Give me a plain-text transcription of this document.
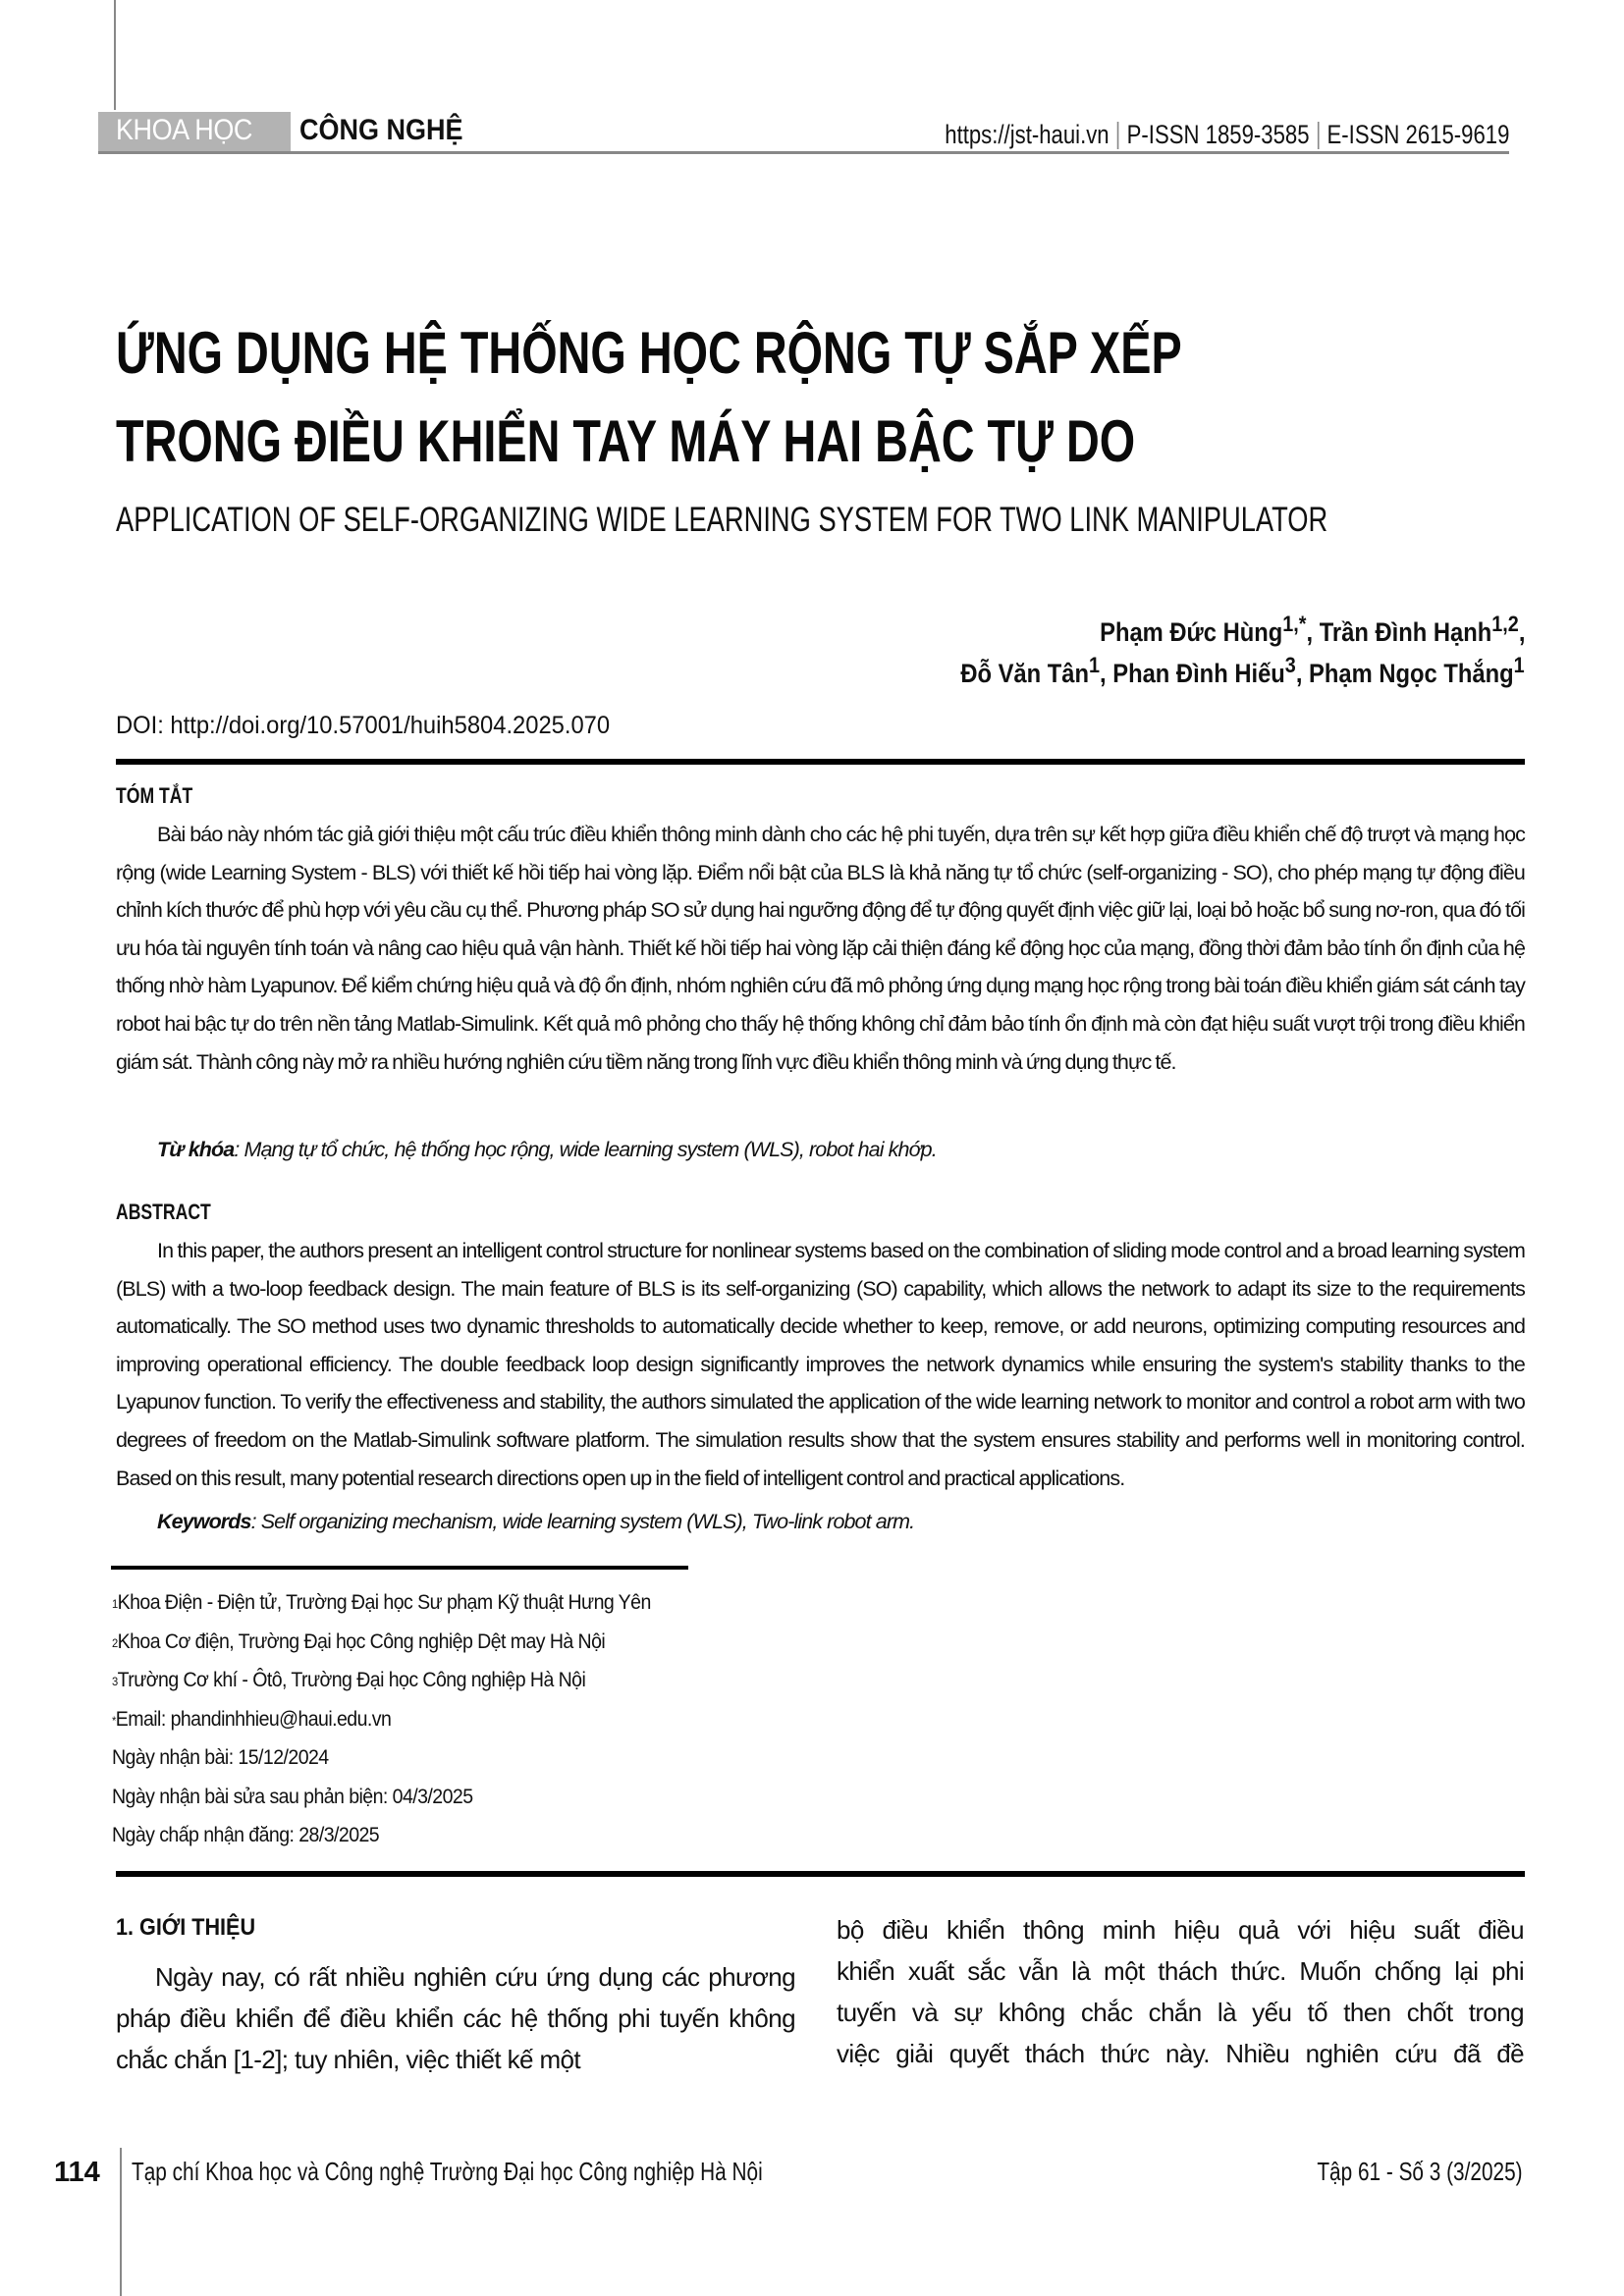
KHOA HỌC CÔNG NGHỆ	https://jst-haui.vn P-ISSN 1859-3585 E-ISSN 2615-9619
ỨNG DỤNG HỆ THỐNG HỌC RỘNG TỰ SẮP XẾP
TRONG ĐIỀU KHIỂN TAY MÁY HAI BẬC TỰ DO
APPLICATION OF SELF-ORGANIZING WIDE LEARNING SYSTEM FOR TWO LINK MANIPULATOR
Phạm Đức Hùng$^{1,*}$, Trần Đình Hạnh$^{1,2}$,
Đỗ Văn Tân$^1$, Phan Đình Hiếu$^3$, Phạm Ngọc Thắng$^1$
DOI: http://doi.org/10.57001/huih5804.2025.070
TÓM TẮT
Bài báo này nhóm tác giả giới thiệu một cấu trúc điều khiển thông minh dành cho các hệ phi tuyến, dựa trên sự kết hợp giữa điều khiển chế độ trượt và mạng học rộng (wide Learning System - BLS) với thiết kế hồi tiếp hai vòng lặp. Điểm nổi bật của BLS là khả năng tự tổ chức (self-organizing - SO), cho phép mạng tự động điều chỉnh kích thước để phù hợp với yêu cầu cụ thể. Phương pháp SO sử dụng hai ngưỡng động để tự động quyết định việc giữ lại, loại bỏ hoặc bổ sung nơ-ron, qua đó tối ưu hóa tài nguyên tính toán và nâng cao hiệu quả vận hành. Thiết kế hồi tiếp hai vòng lặp cải thiện đáng kể động học của mạng, đồng thời đảm bảo tính ổn định của hệ thống nhờ hàm Lyapunov. Để kiểm chứng hiệu quả và độ ổn định, nhóm nghiên cứu đã mô phỏng ứng dụng mạng học rộng trong bài toán điều khiển giám sát cánh tay robot hai bậc tự do trên nền tảng Matlab-Simulink. Kết quả mô phỏng cho thấy hệ thống không chỉ đảm bảo tính ổn định mà còn đạt hiệu suất vượt trội trong điều khiển giám sát. Thành công này mở ra nhiều hướng nghiên cứu tiềm năng trong lĩnh vực điều khiển thông minh và ứng dụng thực tế.
Từ khóa: Mạng tự tổ chức, hệ thống học rộng, wide learning system (WLS), robot hai khớp.
ABSTRACT
In this paper, the authors present an intelligent control structure for nonlinear systems based on the combination of sliding mode control and a broad learning system (BLS) with a two-loop feedback design. The main feature of BLS is its self-organizing (SO) capability, which allows the network to adapt its size to the requirements automatically. The SO method uses two dynamic thresholds to automatically decide whether to keep, remove, or add neurons, optimizing computing resources and improving operational efficiency. The double feedback loop design significantly improves the network dynamics while ensuring the system's stability thanks to the Lyapunov function. To verify the effectiveness and stability, the authors simulated the application of the wide learning network to monitor and control a robot arm with two degrees of freedom on the Matlab-Simulink software platform. The simulation results show that the system ensures stability and performs well in monitoring control. Based on this result, many potential research directions open up in the field of intelligent control and practical applications.
Keywords: Self organizing mechanism, wide learning system (WLS), Two-link robot arm.
$^1$Khoa Điện - Điện tử, Trường Đại học Sư phạm Kỹ thuật Hưng Yên
$^2$Khoa Cơ điện, Trường Đại học Công nghiệp Dệt may Hà Nội
$^3$Trường Cơ khí - Ôtô, Trường Đại học Công nghiệp Hà Nội
*Email: phandinhhieu@haui.edu.vn
Ngày nhận bài: 15/12/2024
Ngày nhận bài sửa sau phản biện: 04/3/2025
Ngày chấp nhận đăng: 28/3/2025
1. GIỚI THIỆU
Ngày nay, có rất nhiều nghiên cứu ứng dụng các phương pháp điều khiển để điều khiển các hệ thống phi tuyến không chắc chắn [1-2]; tuy nhiên, việc thiết kế một
bộ điều khiển thông minh hiệu quả với hiệu suất điều
khiển xuất sắc vẫn là một thách thức. Muốn chống lại phi
tuyến và sự không chắc chắn là yếu tố then chốt trong
việc giải quyết thách thức này. Nhiều nghiên cứu đã đề
114 Tạp chí Khoa học và Công nghệ Trường Đại học Công nghiệp Hà Nội	Tập 61 - Số 3 (3/2025)
